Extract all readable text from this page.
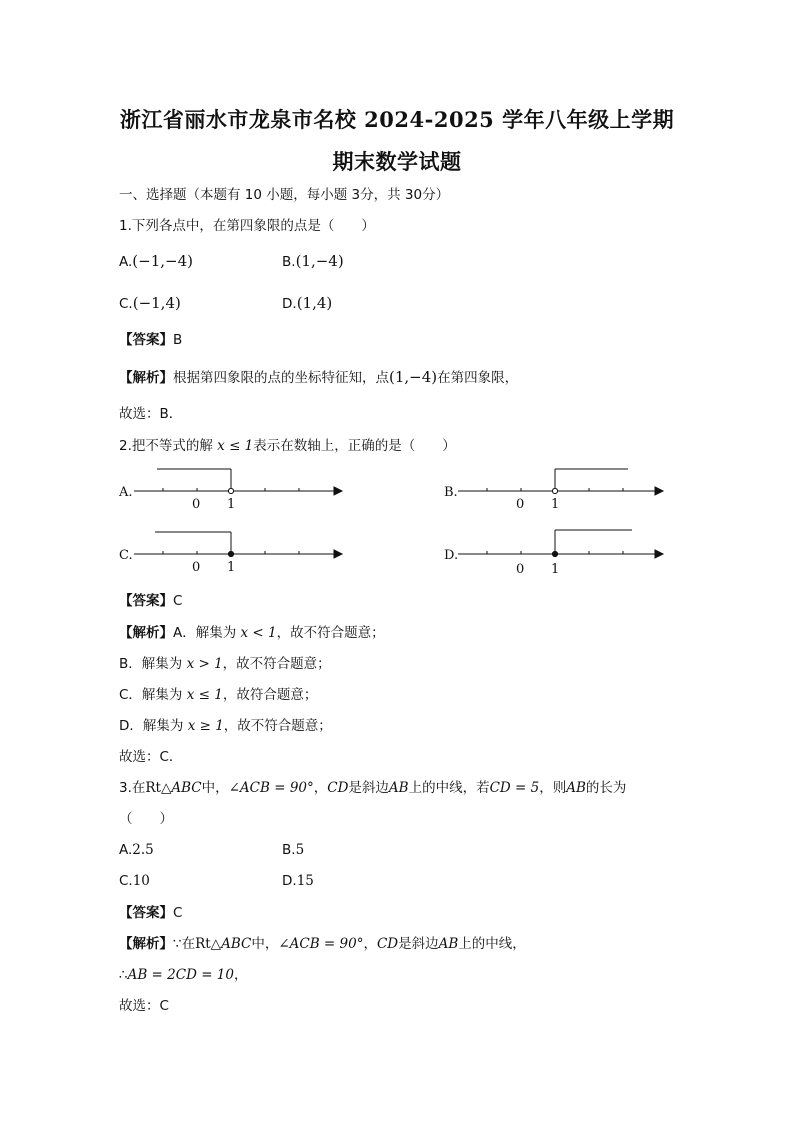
浙江省丽水市龙泉市名校 2024-2025 学年八年级上学期
期末数学试题
一、选择题（本题有 10 小题，每小题 3分，共 30分）
1.下列各点中，在第四象限的点是（　　）
A.(−1,−4)	B.(1,−4)
C.(−1,4)	D.(1,4)
【答案】B
【解析】根据第四象限的点的坐标特征知，点(1,−4)在第四象限，
故选：B．
2.把不等式的解 x ≤ 1表示在数轴上，正确的是（　　）
A.
0 1
B.
0 1
C.
0 1
D.
0 1
【答案】C
【解析】A．解集为 x < 1，故不符合题意；
B．解集为 x > 1，故不符合题意；
C．解集为 x ≤ 1，故符合题意；
D．解集为 x ≥ 1，故不符合题意；
故选：C．
3.在Rt△ABC中，∠ACB = 90°，CD是斜边AB上的中线，若CD = 5，则AB的长为
（　　）
A.2.5	B.5
C.10	D.15
【答案】C
【解析】∵在Rt△ABC中，∠ACB = 90°，CD是斜边AB上的中线，
∴AB = 2CD = 10，
故选：C
